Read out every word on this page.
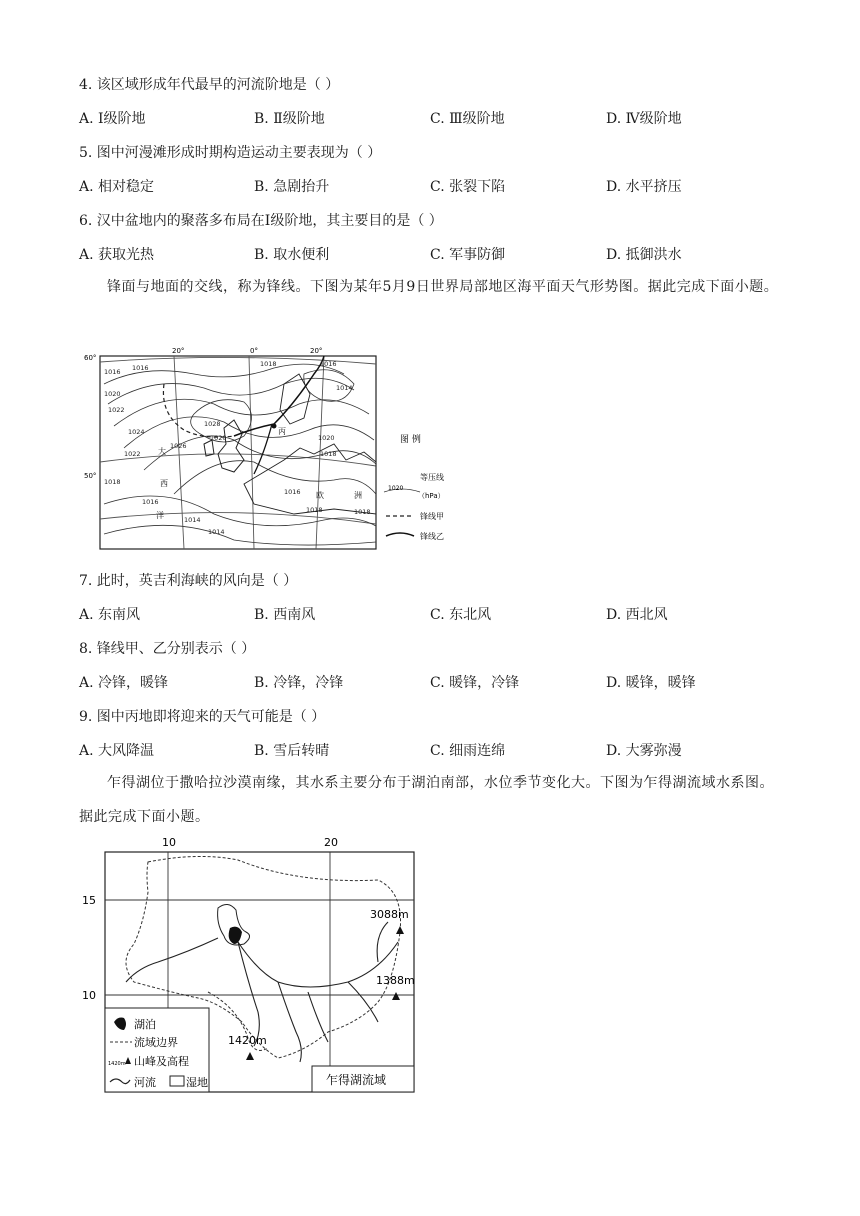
4. 该区域形成年代最早的河流阶地是（ ）
A. Ⅰ级阶地	B. Ⅱ级阶地	C. Ⅲ级阶地	D. Ⅳ级阶地
5. 图中河漫滩形成时期构造运动主要表现为（ ）
A. 相对稳定	B. 急剧抬升	C. 张裂下陷	D. 水平挤压
6. 汉中盆地内的聚落多布局在Ⅰ级阶地，其主要目的是（ ）
A. 获取光热	B. 取水便利	C. 军事防御	D. 抵御洪水
锋面与地面的交线，称为锋线。下图为某年5月9日世界局部地区海平面天气形势图。据此完成下面小题。
20°	0°	20°
60°
50°
1016 1016	1018	1016
1014
1020
1022
1024
1028
1026
1020
1022
1018
1016
1014
1020
1018
1018
1014
1016
1018
大
西
洋
欧	洲
丙
图 例
1020
等压线
（hPa）
锋线甲
锋线乙
7. 此时，英吉利海峡的风向是（ ）
A. 东南风	B. 西南风	C. 东北风	D. 西北风
8. 锋线甲、乙分别表示（ ）
A. 冷锋，暖锋	B. 冷锋，冷锋	C. 暖锋，冷锋	D. 暖锋，暖锋
9. 图中丙地即将迎来的天气可能是（ ）
A. 大风降温	B. 雪后转晴	C. 细雨连绵	D. 大雾弥漫
乍得湖位于撒哈拉沙漠南缘，其水系主要分布于湖泊南部，水位季节变化大。下图为乍得湖流域水系图。据此完成下面小题。
10	20
15
10
3088m
1388m
1420m
湖泊
流域边界
1420m 山峰及高程
河流	湿地	乍得湖流域
